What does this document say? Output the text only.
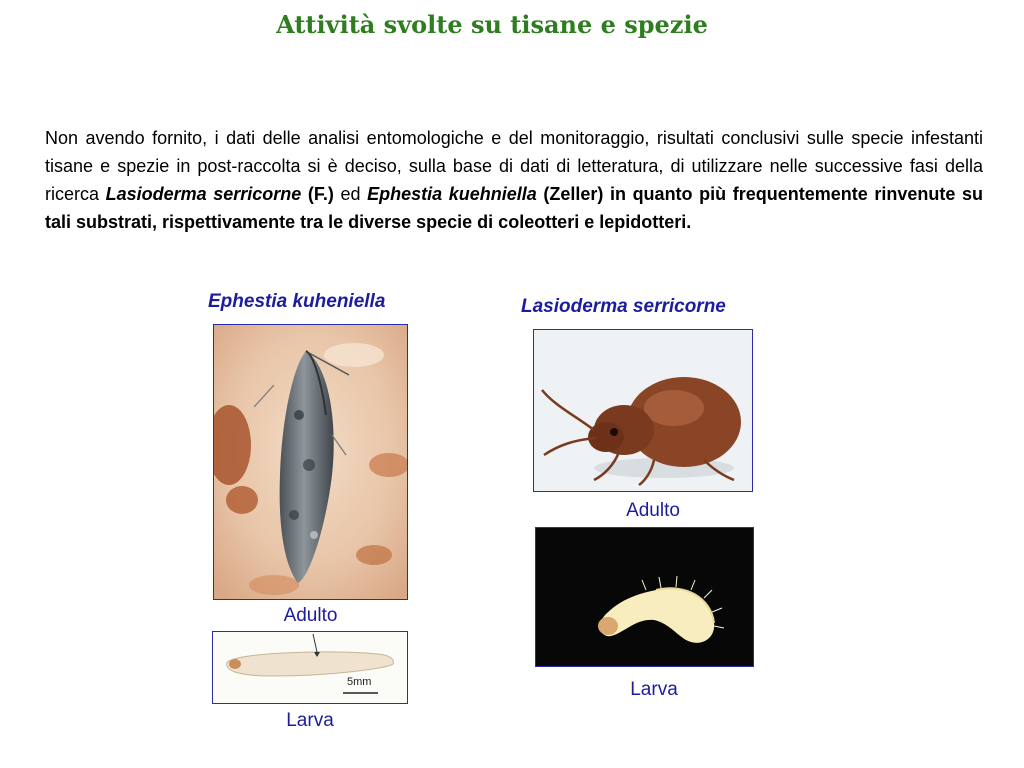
Attività svolte su tisane e spezie

Non avendo fornito, i dati delle analisi entomologiche e del monitoraggio, risultati conclusivi sulle specie infestanti tisane e spezie in post-raccolta si è deciso, sulla base di dati di letteratura, di utilizzare nelle successive fasi della ricerca Lasioderma serricorne (F.) ed Ephestia kuehniella (Zeller) in quanto più frequentemente rinvenute su tali substrati, rispettivamente tra le diverse specie di coleotteri e lepidotteri.

Ephestia kuheniella
Adulto
5mm
Larva
Lasioderma serricorne
Adulto
Larva
